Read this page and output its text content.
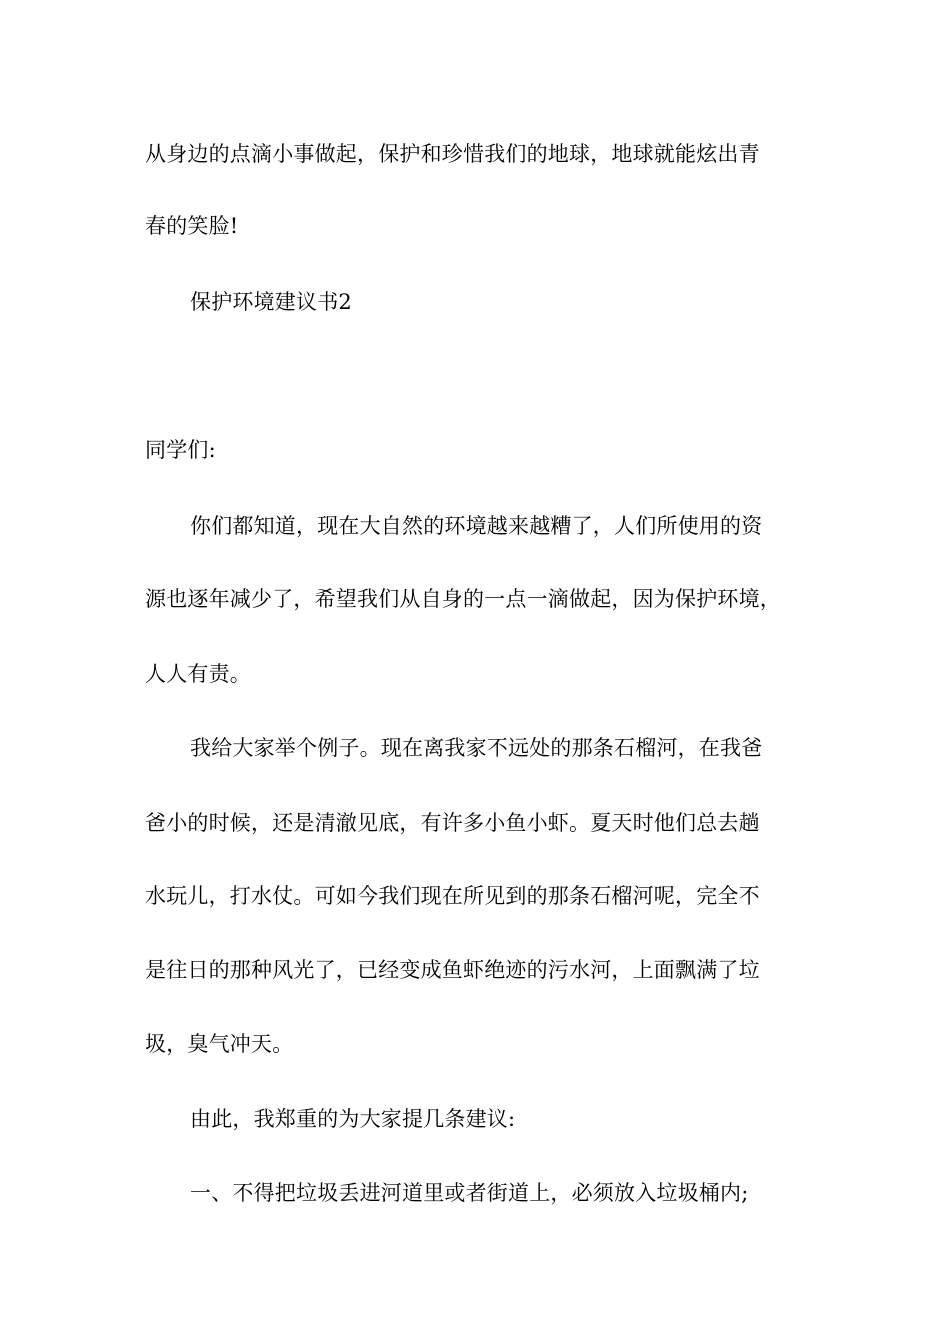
从身边的点滴小事做起，保护和珍惜我们的地球，地球就能炫出青
春的笑脸!
保护环境建议书2
同学们:
你们都知道，现在大自然的环境越来越糟了，人们所使用的资
源也逐年减少了，希望我们从自身的一点一滴做起，因为保护环境，
人人有责。
我给大家举个例子。现在离我家不远处的那条石榴河，在我爸
爸小的时候，还是清澈见底，有许多小鱼小虾。夏天时他们总去趟
水玩儿，打水仗。可如今我们现在所见到的那条石榴河呢，完全不
是往日的那种风光了，已经变成鱼虾绝迹的污水河，上面飘满了垃
圾，臭气冲天。
由此，我郑重的为大家提几条建议:
一、不得把垃圾丢进河道里或者街道上，必须放入垃圾桶内;
